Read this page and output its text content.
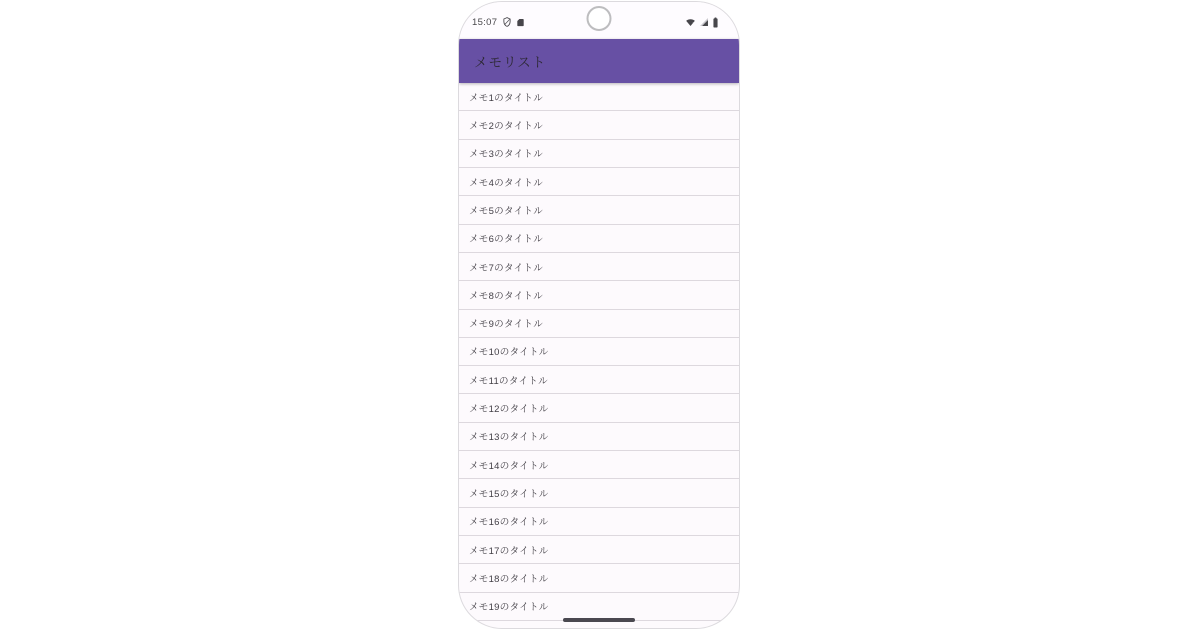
15:07
メモリスト
メモ1のタイトル
メモ2のタイトル
メモ3のタイトル
メモ4のタイトル
メモ5のタイトル
メモ6のタイトル
メモ7のタイトル
メモ8のタイトル
メモ9のタイトル
メモ10のタイトル
メモ11のタイトル
メモ12のタイトル
メモ13のタイトル
メモ14のタイトル
メモ15のタイトル
メモ16のタイトル
メモ17のタイトル
メモ18のタイトル
メモ19のタイトル
